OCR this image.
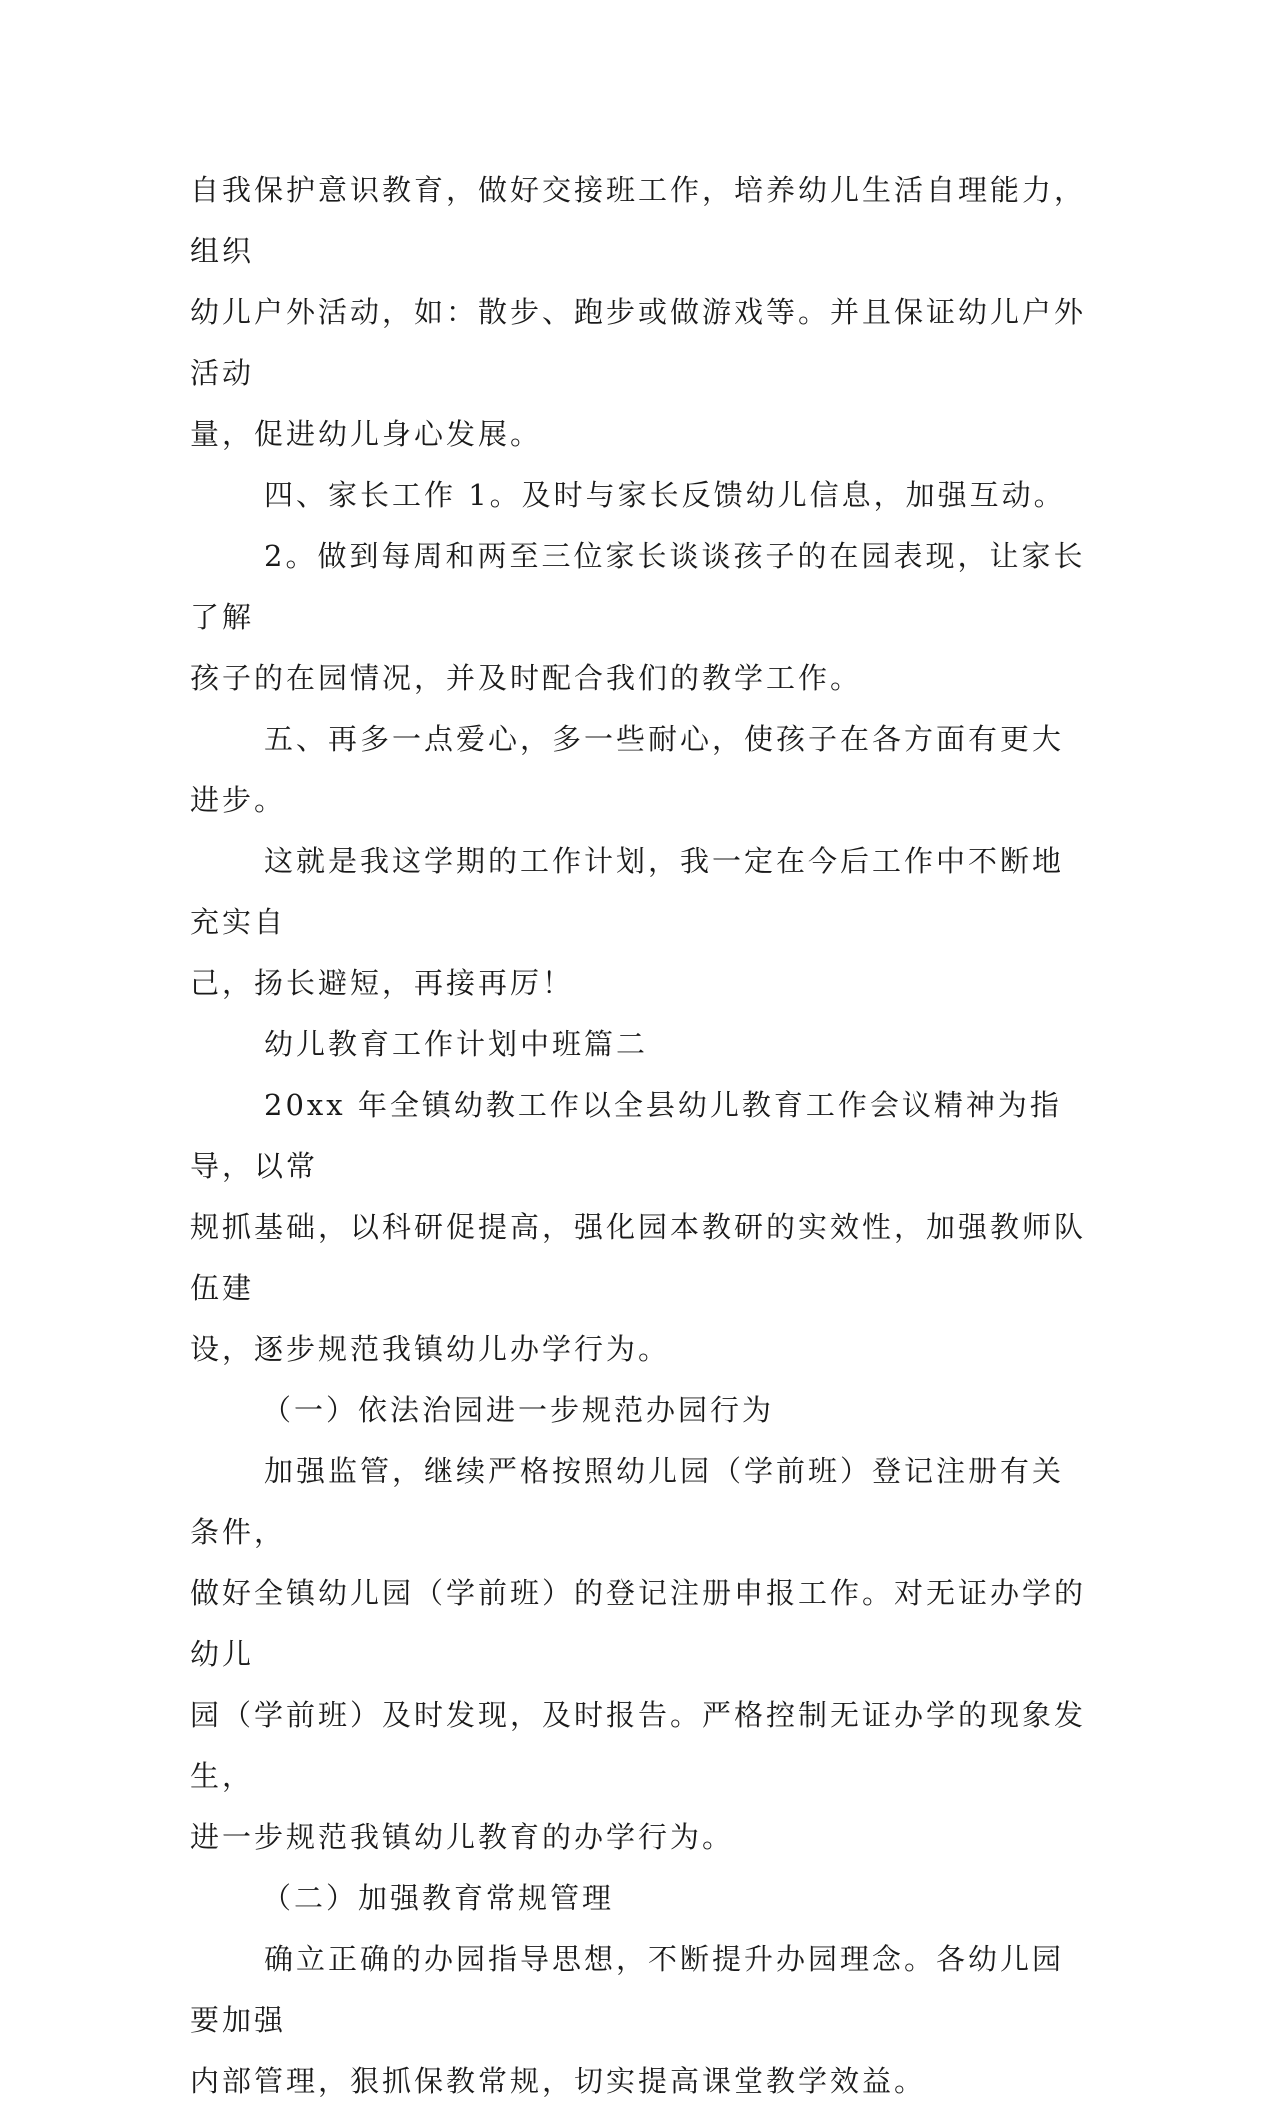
自我保护意识教育，做好交接班工作，培养幼儿生活自理能力，组织

幼儿户外活动，如：散步、跑步或做游戏等。并且保证幼儿户外活动

量，促进幼儿身心发展。

四、家长工作 1。及时与家长反馈幼儿信息，加强互动。

2。做到每周和两至三位家长谈谈孩子的在园表现，让家长了解

孩子的在园情况，并及时配合我们的教学工作。

五、再多一点爱心，多一些耐心，使孩子在各方面有更大进步。

这就是我这学期的工作计划，我一定在今后工作中不断地充实自

己，扬长避短，再接再厉！

幼儿教育工作计划中班篇二

20xx 年全镇幼教工作以全县幼儿教育工作会议精神为指导，以常

规抓基础，以科研促提高，强化园本教研的实效性，加强教师队伍建

设，逐步规范我镇幼儿办学行为。

（一）依法治园进一步规范办园行为

加强监管，继续严格按照幼儿园（学前班）登记注册有关条件，

做好全镇幼儿园（学前班）的登记注册申报工作。对无证办学的幼儿

园（学前班）及时发现，及时报告。严格控制无证办学的现象发生，

进一步规范我镇幼儿教育的办学行为。

（二）加强教育常规管理

确立正确的办园指导思想，不断提升办园理念。各幼儿园要加强

内部管理，狠抓保教常规，切实提高课堂教学效益。
